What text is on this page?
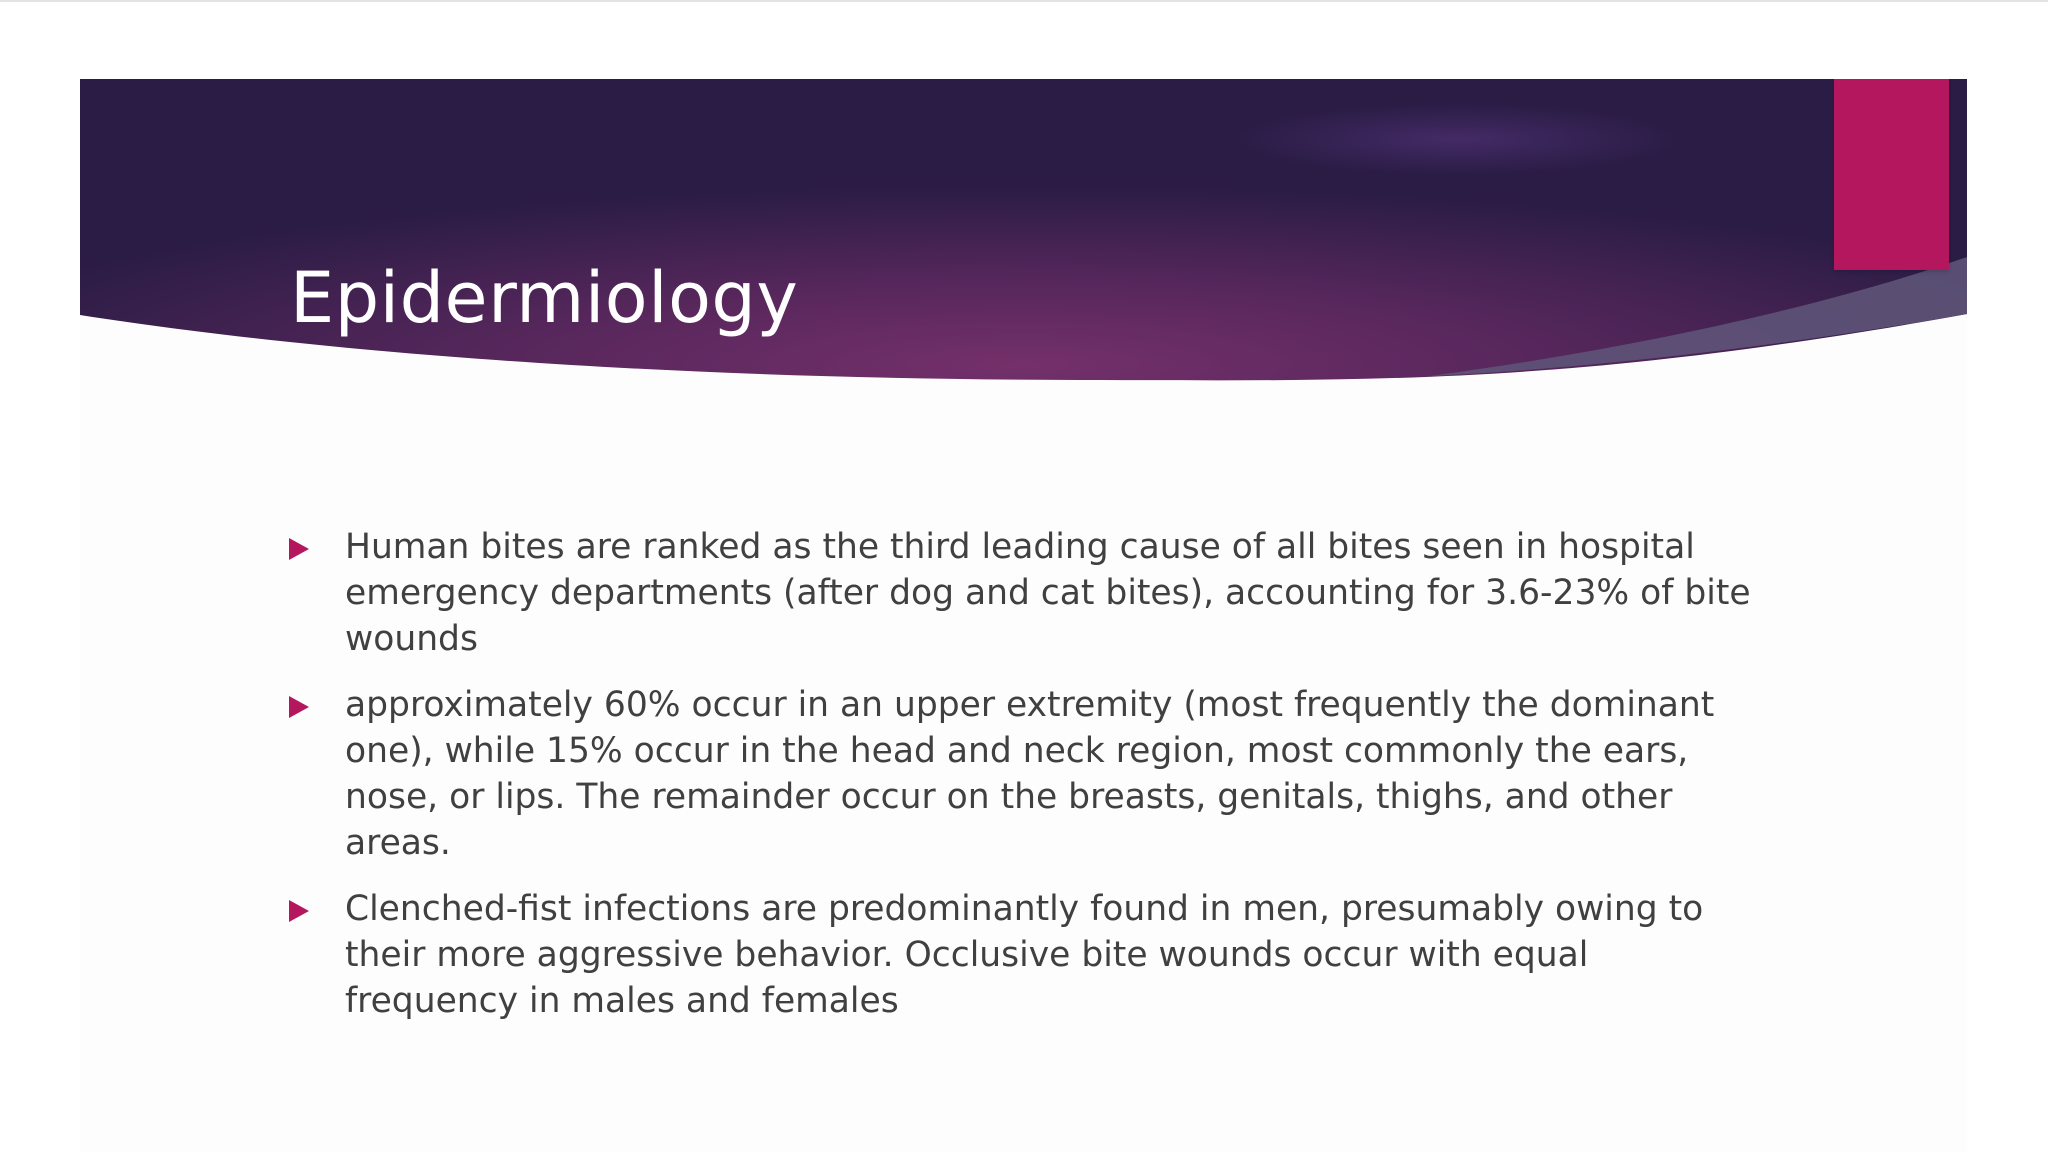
Epidermiology
Human bites are ranked as the third leading cause of all bites seen in hospital emergency departments (after dog and cat bites), accounting for 3.6-23% of bite wounds
approximately 60% occur in an upper extremity (most frequently the dominant one), while 15% occur in the head and neck region, most commonly the ears, nose, or lips. The remainder occur on the breasts, genitals, thighs, and other areas.
Clenched-fist infections are predominantly found in men, presumably owing to their more aggressive behavior. Occlusive bite wounds occur with equal frequency in males and females
